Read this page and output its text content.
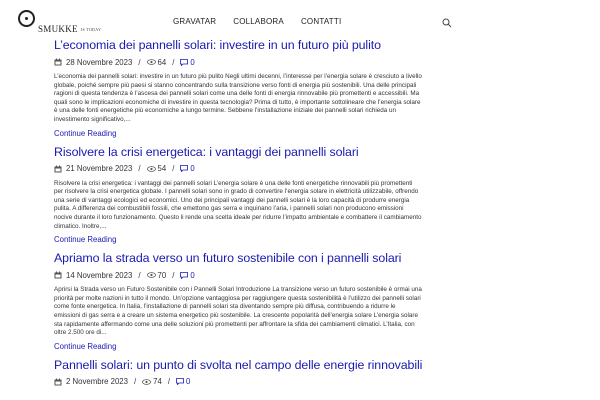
SMUKKE IS TODAY
GRAVATAR COLLABORA CONTATTI
L’economia dei pannelli solari: investire in un futuro più pulito
28 Novembre 2023 / 64 / 0

L’economia dei pannelli solari: investire in un futuro più pulito Negli ultimi decenni, l’interesse per l’energia solare è cresciuto a livello globale, poiché sempre più paesi si stanno concentrando sulla transizione verso fonti di energia più sostenibili. Una delle principali ragioni di questa tendenza è l’ascesa dei pannelli solari come una delle fonti di energia rinnovabile più promettenti e accessibili. Ma quali sono le implicazioni economiche di investire in questa tecnologia? Prima di tutto, è importante sottolineare che l’energia solare è una delle fonti energetiche più economiche a lungo termine. Sebbene l’installazione iniziale dei pannelli solari richieda un investimento significativo,...

Continue Reading
Risolvere la crisi energetica: i vantaggi dei pannelli solari
21 Novembre 2023 / 54 / 0

Risolvere la crisi energetica: i vantaggi dei pannelli solari L’energia solare è una delle fonti energetiche rinnovabili più promettenti per risolvere la crisi energetica globale. I pannelli solari sono in grado di convertire l’energia solare in elettricità utilizzabile, offrendo una serie di vantaggi ecologici ed economici. Uno dei principali vantaggi dei pannelli solari è la loro capacità di produrre energia pulita. A differenza dei combustibili fossili, che emettono gas serra e inquinano l’aria, i pannelli solari non producono emissioni nocive durante il loro funzionamento. Questo li rende una scelta ideale per ridurre l’impatto ambientale e combattere il cambiamento climatico. Inoltre,...

Continue Reading
Apriamo la strada verso un futuro sostenibile con i pannelli solari
14 Novembre 2023 / 70 / 0

Aprirsi la Strada verso un Futuro Sostenibile con i Pannelli Solari Introduzione La transizione verso un futuro sostenibile è ormai una priorità per molte nazioni in tutto il mondo. Un’opzione vantaggiosa per raggiungere questa sostenibilità è l’utilizzo dei pannelli solari come fonte energetica. In Italia, l’installazione di pannelli solari sta diventando sempre più diffusa, contribuendo a ridurre le emissioni di gas serra e a creare un sistema energetico più sostenibile. La crescente popolarità dell’energia solare L’energia solare sta rapidamente affermando come una delle soluzioni più promettenti per affrontare la sfida dei cambiamenti climatici. L’Italia, con oltre 2.500 ore di...

Continue Reading
Pannelli solari: un punto di svolta nel campo delle energie rinnovabili
2 Novembre 2023 / 74 / 0
